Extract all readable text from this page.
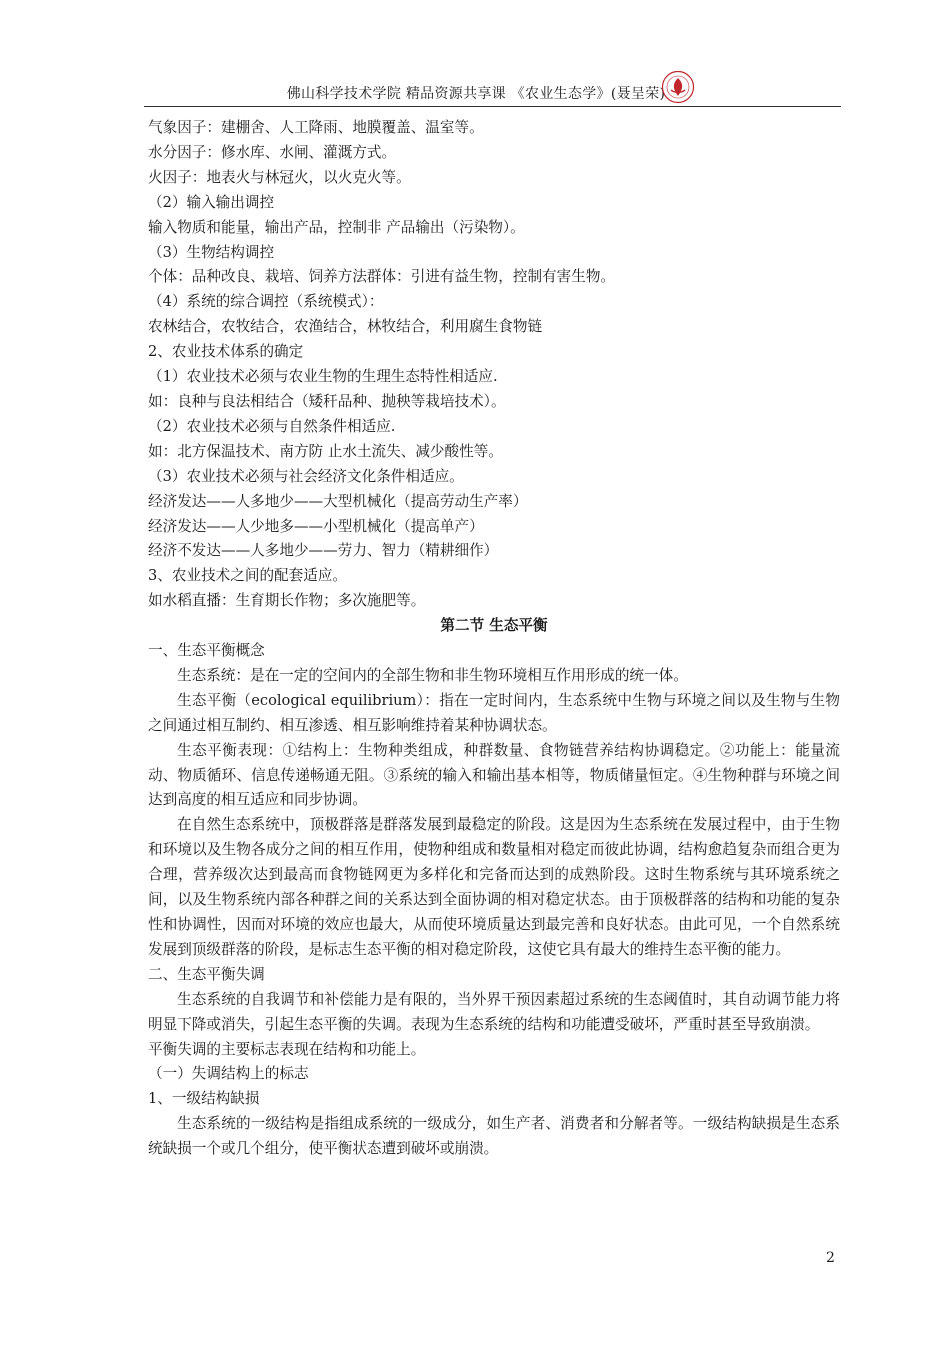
佛山科学技术学院 精品资源共享课 《农业生态学》(聂呈荣)

气象因子：建棚舍、人工降雨、地膜覆盖、温室等。

水分因子：修水库、水闸、灌溉方式。

火因子：地表火与林冠火，以火克火等。

（2）输入输出调控

输入物质和能量，输出产品，控制非 产品输出（污染物）。

（3）生物结构调控

个体：品种改良、栽培、饲养方法群体：引进有益生物，控制有害生物。

（4）系统的综合调控（系统模式）：

农林结合，农牧结合，农渔结合，林牧结合，利用腐生食物链

2、农业技术体系的确定

（1）农业技术必须与农业生物的生理生态特性相适应.

如：良种与良法相结合（矮秆品种、抛秧等栽培技术）。

（2）农业技术必须与自然条件相适应.

如：北方保温技术、南方防 止水土流失、减少酸性等。

（3）农业技术必须与社会经济文化条件相适应。

经济发达——人多地少——大型机械化（提高劳动生产率）

经济发达——人少地多——小型机械化（提高单产）

经济不发达——人多地少——劳力、智力（精耕细作）

3、农业技术之间的配套适应。

如水稻直播：生育期长作物；多次施肥等。

第二节 生态平衡

一、生态平衡概念

生态系统：是在一定的空间内的全部生物和非生物环境相互作用形成的统一体。

生态平衡（ecological equilibrium）：指在一定时间内，生态系统中生物与环境之间以及生物与生物之间通过相互制约、相互渗透、相互影响维持着某种协调状态。

生态平衡表现：①结构上：生物种类组成，种群数量、食物链营养结构协调稳定。②功能上：能量流动、物质循环、信息传递畅通无阻。③系统的输入和输出基本相等，物质储量恒定。④生物种群与环境之间达到高度的相互适应和同步协调。

在自然生态系统中，顶极群落是群落发展到最稳定的阶段。这是因为生态系统在发展过程中，由于生物和环境以及生物各成分之间的相互作用，使物种组成和数量相对稳定而彼此协调，结构愈趋复杂而组合更为合理，营养级次达到最高而食物链网更为多样化和完备而达到的成熟阶段。这时生物系统与其环境系统之间，以及生物系统内部各种群之间的关系达到全面协调的相对稳定状态。由于顶极群落的结构和功能的复杂性和协调性，因而对环境的效应也最大，从而使环境质量达到最完善和良好状态。由此可见，一个自然系统发展到顶级群落的阶段，是标志生态平衡的相对稳定阶段，这使它具有最大的维持生态平衡的能力。

二、生态平衡失调

生态系统的自我调节和补偿能力是有限的，当外界干预因素超过系统的生态阈值时，其自动调节能力将明显下降或消失，引起生态平衡的失调。表现为生态系统的结构和功能遭受破坏，严重时甚至导致崩溃。

平衡失调的主要标志表现在结构和功能上。

（一）失调结构上的标志

1、一级结构缺损

生态系统的一级结构是指组成系统的一级成分，如生产者、消费者和分解者等。一级结构缺损是生态系统缺损一个或几个组分，使平衡状态遭到破坏或崩溃。

2
